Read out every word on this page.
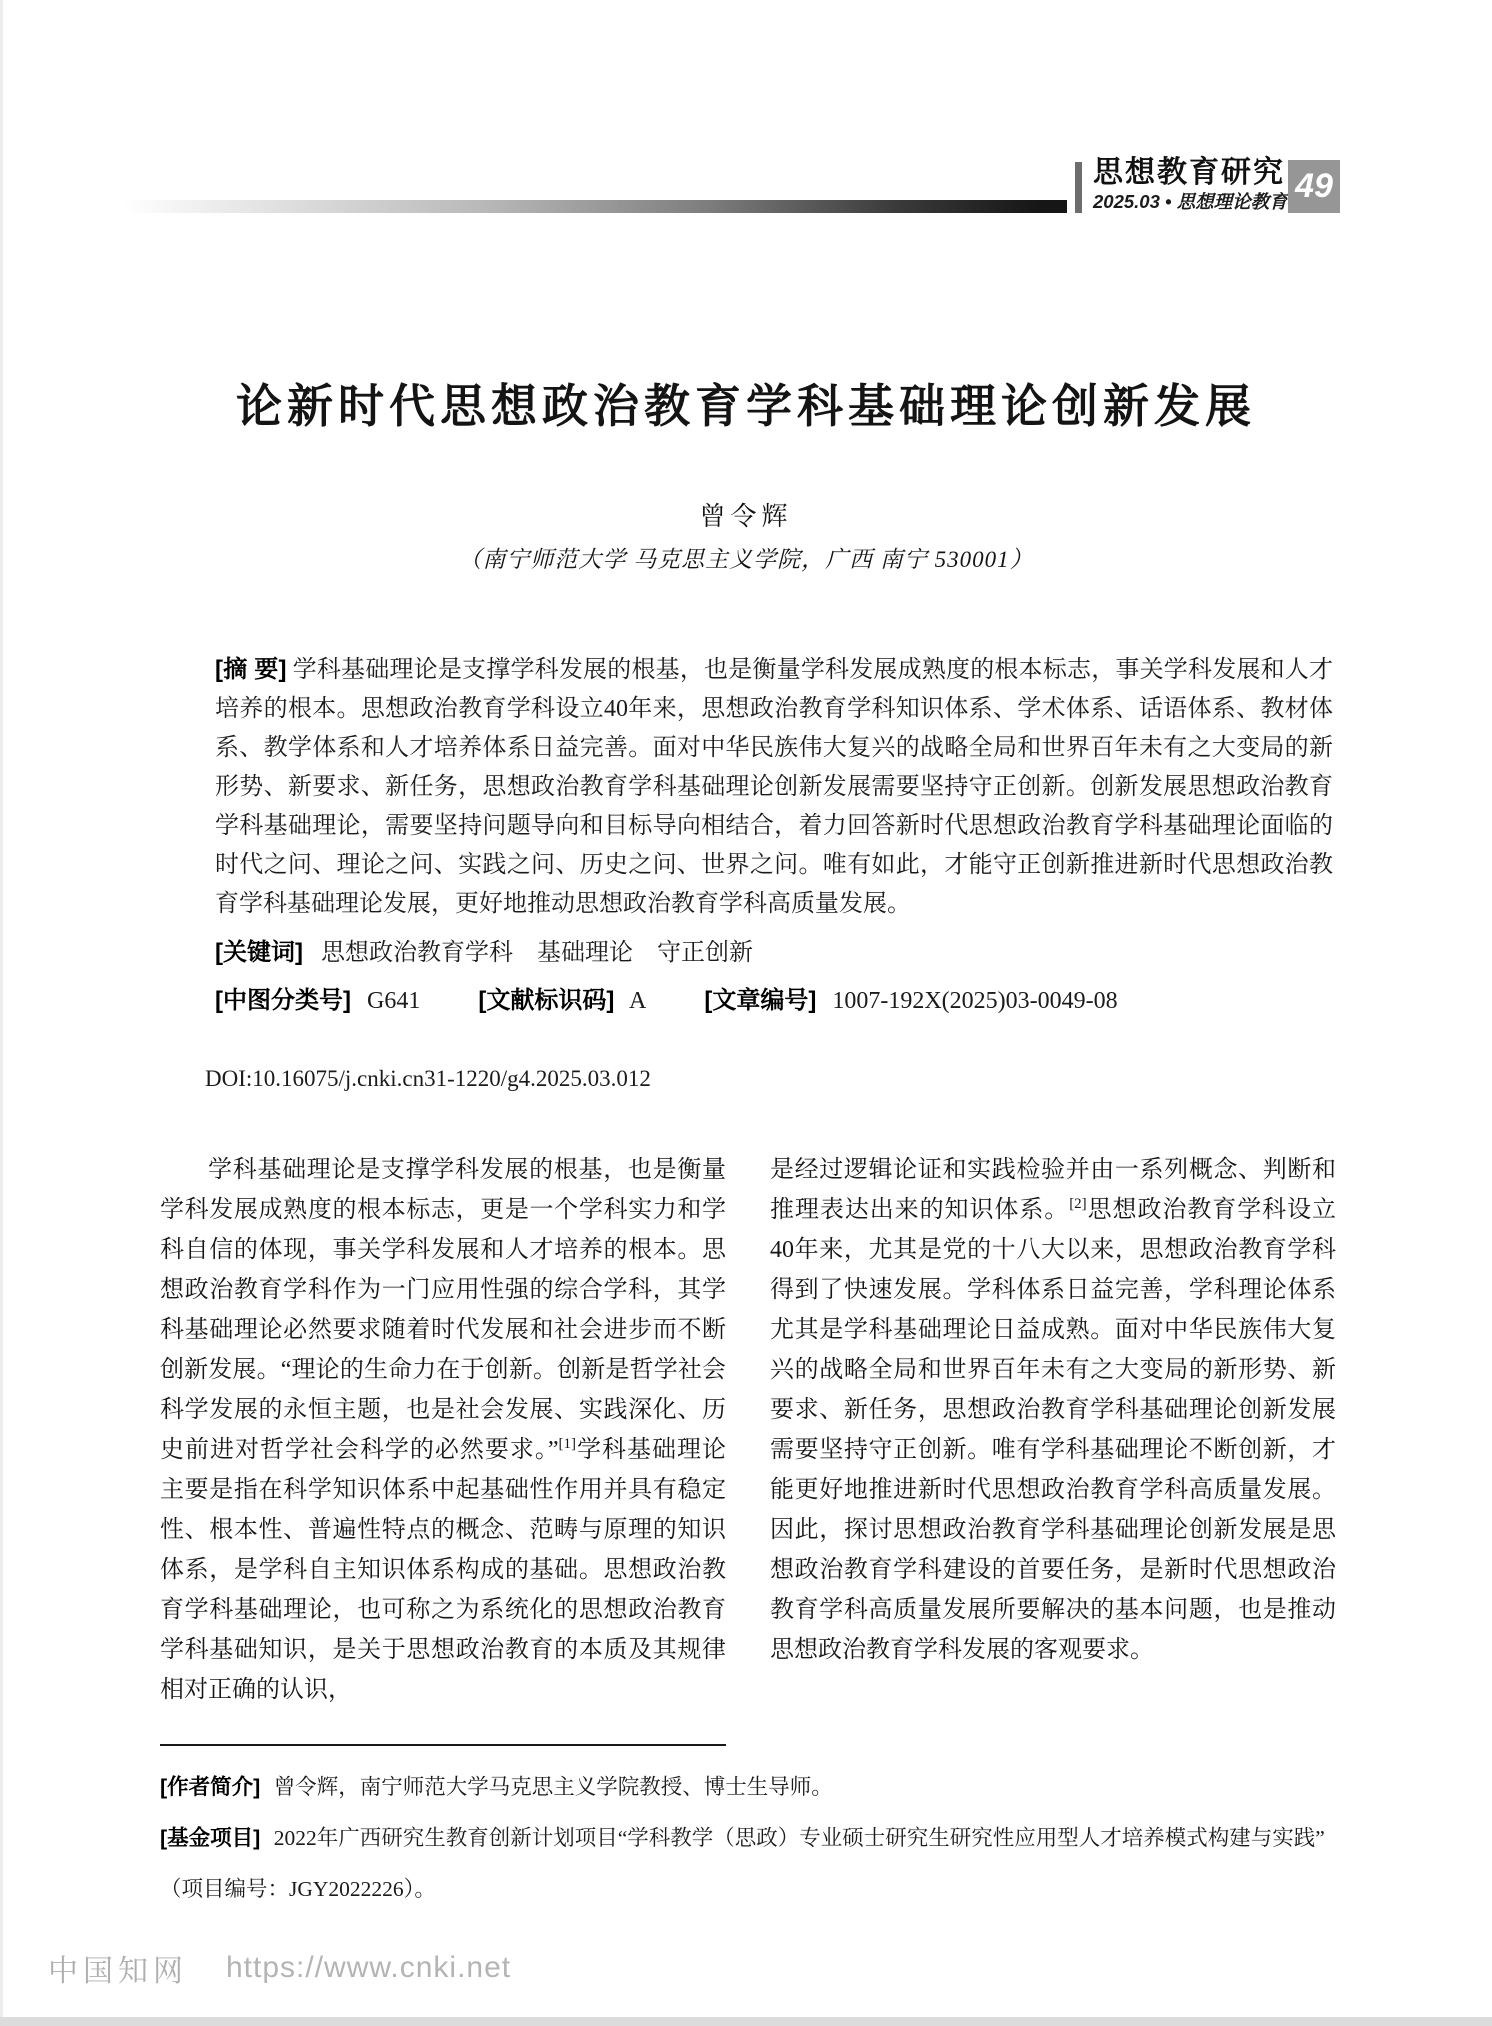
思想教育研究
2025.03 • 思想理论教育 49
论新时代思想政治教育学科基础理论创新发展
曾令辉
（南宁师范大学 马克思主义学院，广西 南宁 530001）
[摘 要] 学科基础理论是支撑学科发展的根基，也是衡量学科发展成熟度的根本标志，事关学科发展和人才培养的根本。思想政治教育学科设立40年来，思想政治教育学科知识体系、学术体系、话语体系、教材体系、教学体系和人才培养体系日益完善。面对中华民族伟大复兴的战略全局和世界百年未有之大变局的新形势、新要求、新任务，思想政治教育学科基础理论创新发展需要坚持守正创新。创新发展思想政治教育学科基础理论，需要坚持问题导向和目标导向相结合，着力回答新时代思想政治教育学科基础理论面临的时代之问、理论之问、实践之问、历史之问、世界之问。唯有如此，才能守正创新推进新时代思想政治教育学科基础理论发展，更好地推动思想政治教育学科高质量发展。
[关键词] 思想政治教育学科　基础理论　守正创新
[中图分类号] G641 [文献标识码] A [文章编号] 1007-192X(2025)03-0049-08
DOI:10.16075/j.cnki.cn31-1220/g4.2025.03.012

学科基础理论是支撑学科发展的根基，也是衡量学科发展成熟度的根本标志，更是一个学科实力和学科自信的体现，事关学科发展和人才培养的根本。思想政治教育学科作为一门应用性强的综合学科，其学科基础理论必然要求随着时代发展和社会进步而不断创新发展。“理论的生命力在于创新。创新是哲学社会科学发展的永恒主题，也是社会发展、实践深化、历史前进对哲学社会科学的必然要求。”[1]学科基础理论主要是指在科学知识体系中起基础性作用并具有稳定性、根本性、普遍性特点的概念、范畴与原理的知识体系，是学科自主知识体系构成的基础。思想政治教育学科基础理论，也可称之为系统化的思想政治教育学科基础知识，是关于思想政治教育的本质及其规律相对正确的认识，

是经过逻辑论证和实践检验并由一系列概念、判断和推理表达出来的知识体系。[2]思想政治教育学科设立40年来，尤其是党的十八大以来，思想政治教育学科得到了快速发展。学科体系日益完善，学科理论体系尤其是学科基础理论日益成熟。面对中华民族伟大复兴的战略全局和世界百年未有之大变局的新形势、新要求、新任务，思想政治教育学科基础理论创新发展需要坚持守正创新。唯有学科基础理论不断创新，才能更好地推进新时代思想政治教育学科高质量发展。因此，探讨思想政治教育学科基础理论创新发展是思想政治教育学科建设的首要任务，是新时代思想政治教育学科高质量发展所要解决的基本问题，也是推动思想政治教育学科发展的客观要求。

[作者简介] 曾令辉，南宁师范大学马克思主义学院教授、博士生导师。
[基金项目] 2022年广西研究生教育创新计划项目“学科教学（思政）专业硕士研究生研究性应用型人才培养模式构建与实践”
（项目编号：JGY2022226）。
中国知网 https://www.cnki.net
